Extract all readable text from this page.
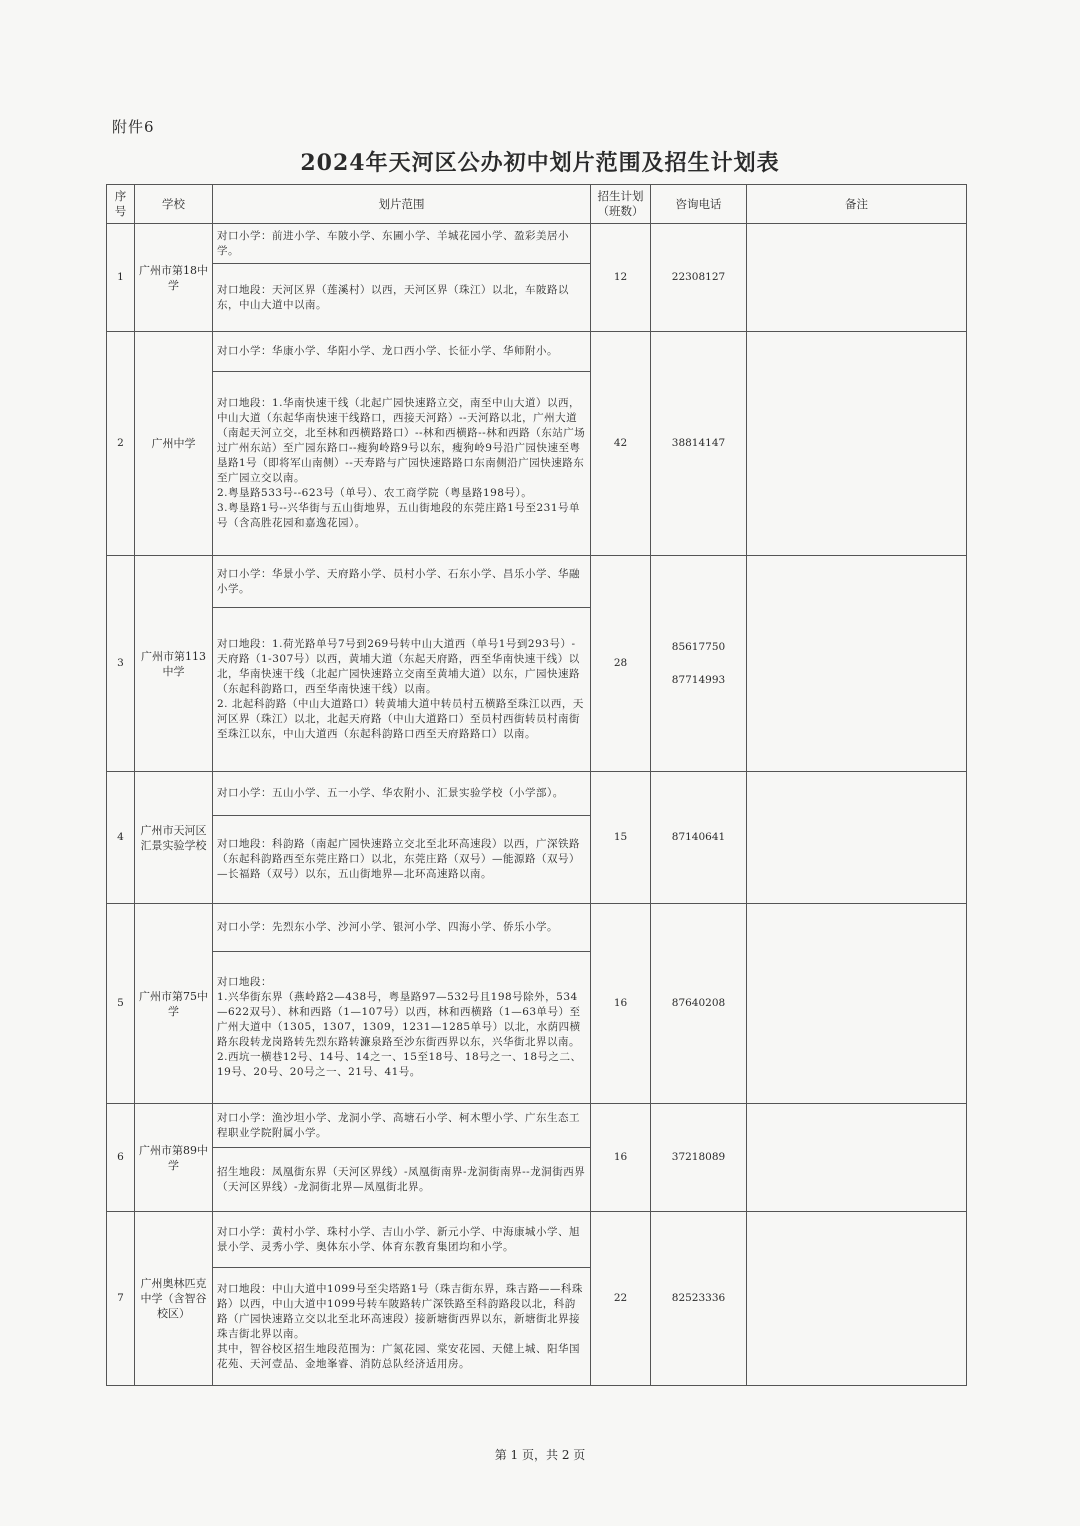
附件6
2024年天河区公办初中划片范围及招生计划表
序号	学校	划片范围	招生计划（班数）	咨询电话	备注
1	广州市第18中学	对口小学：前进小学、车陂小学、东圃小学、羊城花园小学、盈彩美居小学。	12	22308127	

		对口地段：天河区界（莲溪村）以西，天河区界（珠江）以北，车陂路以东，中山大道中以南。			

2	广州中学	对口小学：华康小学、华阳小学、龙口西小学、长征小学、华师附小。	42	38814147	

		对口地段：1.华南快速干线（北起广园快速路立交，南至中山大道）以西，中山大道（东起华南快速干线路口，西接天河路）--天河路以北，广州大道（南起天河立交，北至林和西横路路口）--林和西横路--林和西路（东站广场过广州东站）至广园东路口--瘦狗岭路9号以东，瘦狗岭9号沿广园快速至粤垦路1号（即将军山南侧）--天寿路与广园快速路路口东南侧沿广园快速路东至广园立交以南。
2.粤垦路533号--623号（单号）、农工商学院（粤垦路198号）。
3.粤垦路1号--兴华街与五山街地界，五山街地段的东莞庄路1号至231号单号（含高胜花园和嘉逸花园）。			

3	广州市第113中学	对口小学：华景小学、天府路小学、员村小学、石东小学、昌乐小学、华融小学。	28	85617750
87714993	

		对口地段：1.荷光路单号7号到269号转中山大道西（单号1号到293号）-天府路（1-307号）以西，黄埔大道（东起天府路，西至华南快速干线）以北，华南快速干线（北起广园快速路立交南至黄埔大道）以东，广园快速路（东起科韵路口，西至华南快速干线）以南。
2. 北起科韵路（中山大道路口）转黄埔大道中转员村五横路至珠江以西，天河区界（珠江）以北，北起天府路（中山大道路口）至员村西街转员村南街至珠江以东，中山大道西（东起科韵路口西至天府路路口）以南。			

4	广州市天河区汇景实验学校	对口小学：五山小学、五一小学、华农附小、汇景实验学校（小学部）。	15	87140641	

		对口地段：科韵路（南起广园快速路立交北至北环高速段）以西，广深铁路（东起科韵路西至东莞庄路口）以北，东莞庄路（双号）—能源路（双号）—长福路（双号）以东，五山街地界—北环高速路以南。			

5	广州市第75中学	对口小学：先烈东小学、沙河小学、银河小学、四海小学、侨乐小学。	16	87640208	

		对口地段：
1.兴华街东界（燕岭路2—438号，粤垦路97—532号且198号除外，534—622双号）、林和西路（1—107号）以西，林和西横路（1—63单号）至广州大道中（1305，1307，1309，1231—1285单号）以北，水荫四横路东段转龙岗路转先烈东路转濂泉路至沙东街西界以东，兴华街北界以南。
2.西坑一横巷12号、14号、14之一、15至18号、18号之一、18号之二、19号、20号、20号之一、21号、41号。			

6	广州市第89中学	对口小学：渔沙坦小学、龙洞小学、高塘石小学、柯木塱小学、广东生态工程职业学院附属小学。	16	37218089	

		招生地段：凤凰街东界（天河区界线）-凤凰街南界-龙洞街南界--龙洞街西界（天河区界线）-龙洞街北界—凤凰街北界。			

7	广州奥林匹克中学（含智谷校区）	对口小学：黄村小学、珠村小学、吉山小学、新元小学、中海康城小学、旭景小学、灵秀小学、奥体东小学、体育东教育集团均和小学。	22	82523336	

		对口地段：中山大道中1099号至尖塔路1号（珠吉街东界，珠吉路——科珠路）以西，中山大道中1099号转车陂路转广深铁路至科韵路段以北，科韵路（广园快速路立交以北至北环高速段）接新塘街西界以东，新塘街北界接珠吉街北界以南。
其中，智谷校区招生地段范围为：广氮花园、棠安花园、天健上城、阳华国花苑、天河壹品、金地峯睿、消防总队经济适用房。			
第 1 页，共 2 页
